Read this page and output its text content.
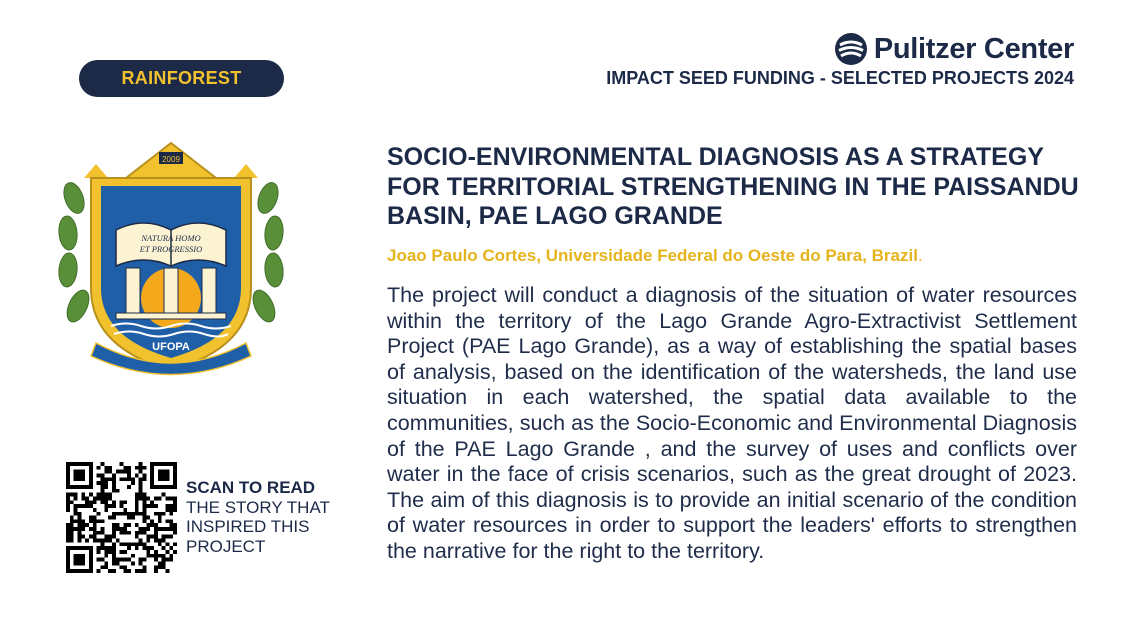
RAINFOREST
Pulitzer Center
IMPACT SEED FUNDING - SELECTED PROJECTS 2024
2009
NATURA HOMO
ET PROGRESSIO
UFOPA
SOCIO-ENVIRONMENTAL DIAGNOSIS AS A STRATEGY FOR TERRITORIAL STRENGTHENING IN THE PAISSANDU BASIN, PAE LAGO GRANDE
Joao Paulo Cortes, Universidade Federal do Oeste do Para, Brazil.
The project will conduct a diagnosis of the situation of water resources within the territory of the Lago Grande Agro-Extractivist Settlement Project (PAE Lago Grande), as a way of establishing the spatial bases of analysis, based on the identification of the watersheds, the land use situation in each watershed, the spatial data available to the communities, such as the Socio-Economic and Environmental Diagnosis of the PAE Lago Grande , and the survey of uses and conflicts over water in the face of crisis scenarios, such as the great drought of 2023. The aim of this diagnosis is to provide an initial scenario of the condition of water resources in order to support the leaders' efforts to strengthen the narrative for the right to the territory.
SCAN TO READ THE STORY THAT INSPIRED THIS PROJECT
